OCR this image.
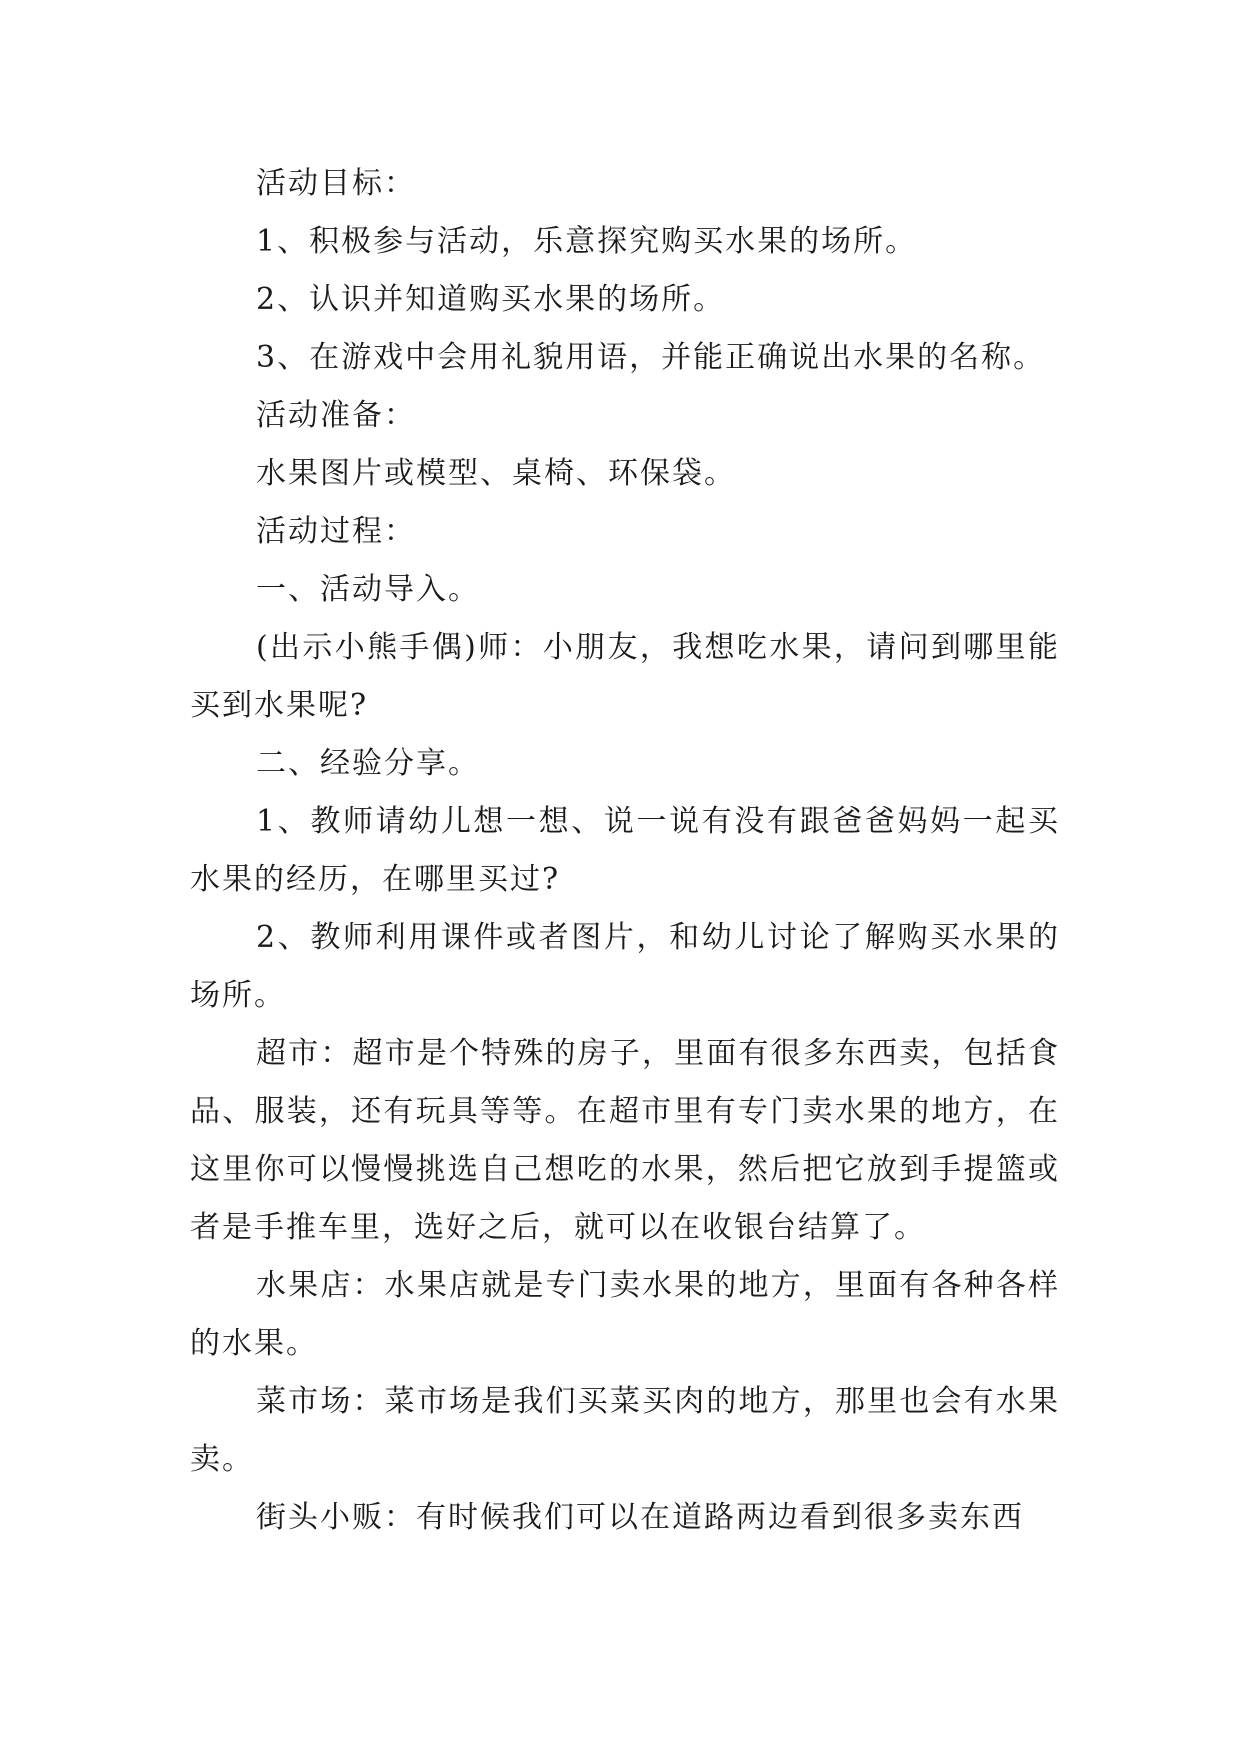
活动目标：

1、积极参与活动，乐意探究购买水果的场所。

2、认识并知道购买水果的场所。

3、在游戏中会用礼貌用语，并能正确说出水果的名称。

活动准备：

水果图片或模型、桌椅、环保袋。

活动过程：

一、活动导入。

(出示小熊手偶)师：小朋友，我想吃水果，请问到哪里能买到水果呢?

二、经验分享。

1、教师请幼儿想一想、说一说有没有跟爸爸妈妈一起买水果的经历，在哪里买过?

2、教师利用课件或者图片，和幼儿讨论了解购买水果的场所。

超市：超市是个特殊的房子，里面有很多东西卖，包括食品、服装，还有玩具等等。在超市里有专门卖水果的地方，在这里你可以慢慢挑选自己想吃的水果，然后把它放到手提篮或者是手推车里，选好之后，就可以在收银台结算了。

水果店：水果店就是专门卖水果的地方，里面有各种各样的水果。

菜市场：菜市场是我们买菜买肉的地方，那里也会有水果卖。

街头小贩：有时候我们可以在道路两边看到很多卖东西
